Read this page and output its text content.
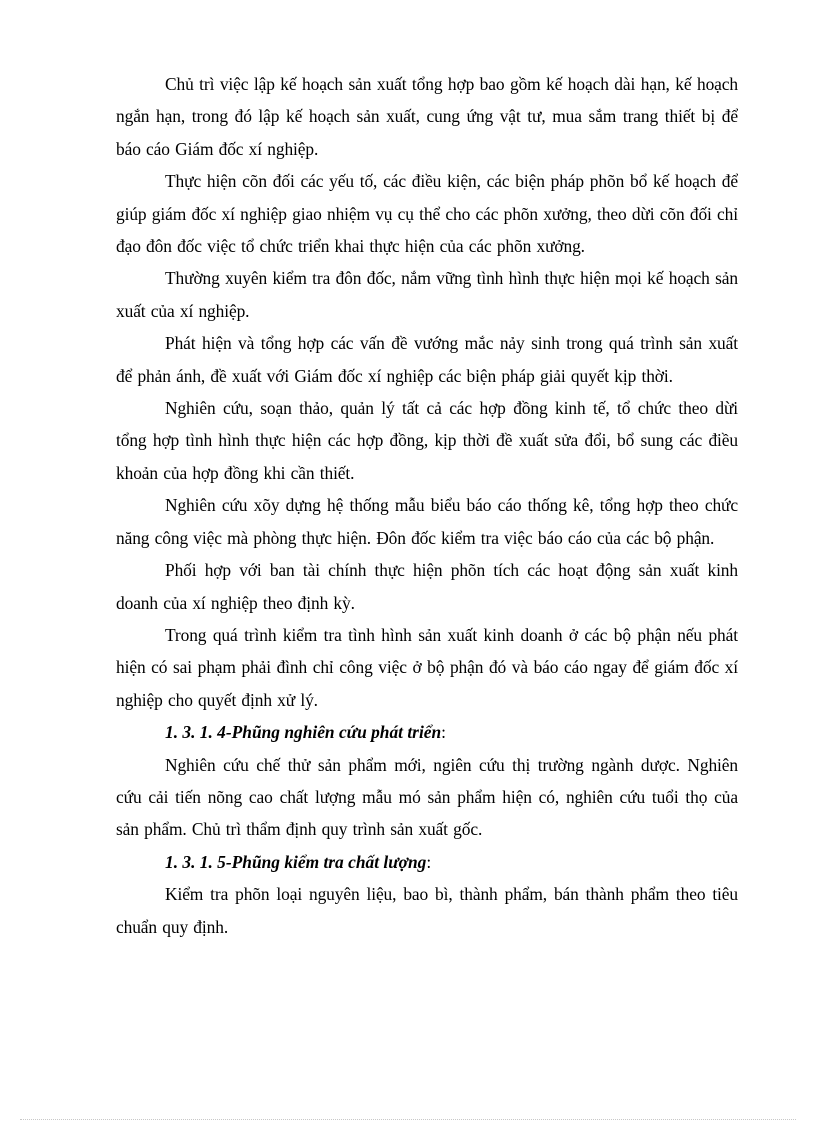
Chủ trì việc lập kế hoạch sản xuất tổng hợp bao gồm kế hoạch dài hạn, kế hoạch ngắn hạn, trong đó lập kế hoạch sản xuất, cung ứng vật tư, mua sắm trang thiết bị để báo cáo Giám đốc xí nghiệp.

Thực hiện cõn đối các yếu tố, các điều kiện, các biện pháp phõn bổ kế hoạch để giúp giám đốc xí nghiệp giao nhiệm vụ cụ thể cho các phõn xưởng, theo dừi cõn đối chỉ đạo đôn đốc việc tổ chức triển khai thực hiện của các phõn xưởng.

Thường xuyên kiểm tra đôn đốc, nắm vững tình hình thực hiện mọi kế hoạch sản xuất của xí nghiệp.

Phát hiện và tổng hợp các vấn đề vướng mắc nảy sinh trong quá trình sản xuất để phản ánh, đề xuất với Giám đốc xí nghiệp các biện pháp giải quyết kịp thời.

Nghiên cứu, soạn thảo, quản lý tất cả các hợp đồng kinh tế, tổ chức theo dừi tổng hợp tình hình thực hiện các hợp đồng, kịp thời đề xuất sửa đổi, bổ sung các điều khoản của hợp đồng khi cần thiết.

Nghiên cứu xõy dựng hệ thống mẫu biểu báo cáo thống kê, tổng hợp theo chức năng công việc mà phòng thực hiện. Đôn đốc kiểm tra việc báo cáo của các bộ phận.

Phối hợp với ban tài chính thực hiện phõn tích các hoạt động sản xuất kinh doanh của xí nghiệp theo định kỳ.

Trong quá trình kiểm tra tình hình sản xuất kinh doanh ở các bộ phận nếu phát hiện có sai phạm phải đình chỉ công việc ở bộ phận đó và báo cáo ngay để giám đốc xí nghiệp cho quyết định xử lý.

1. 3. 1. 4-Phũng nghiên cứu phát triển:

Nghiên cứu chế thử sản phẩm mới, ngiên cứu thị trường ngành dược. Nghiên cứu cải tiến nõng cao chất lượng mẫu mó sản phẩm hiện có, nghiên cứu tuổi thọ của sản phẩm. Chủ trì thẩm định quy trình sản xuất gốc.

1. 3. 1. 5-Phũng kiểm tra chất lượng:

Kiểm tra phõn loại nguyên liệu, bao bì, thành phẩm, bán thành phẩm theo tiêu chuẩn quy định.
